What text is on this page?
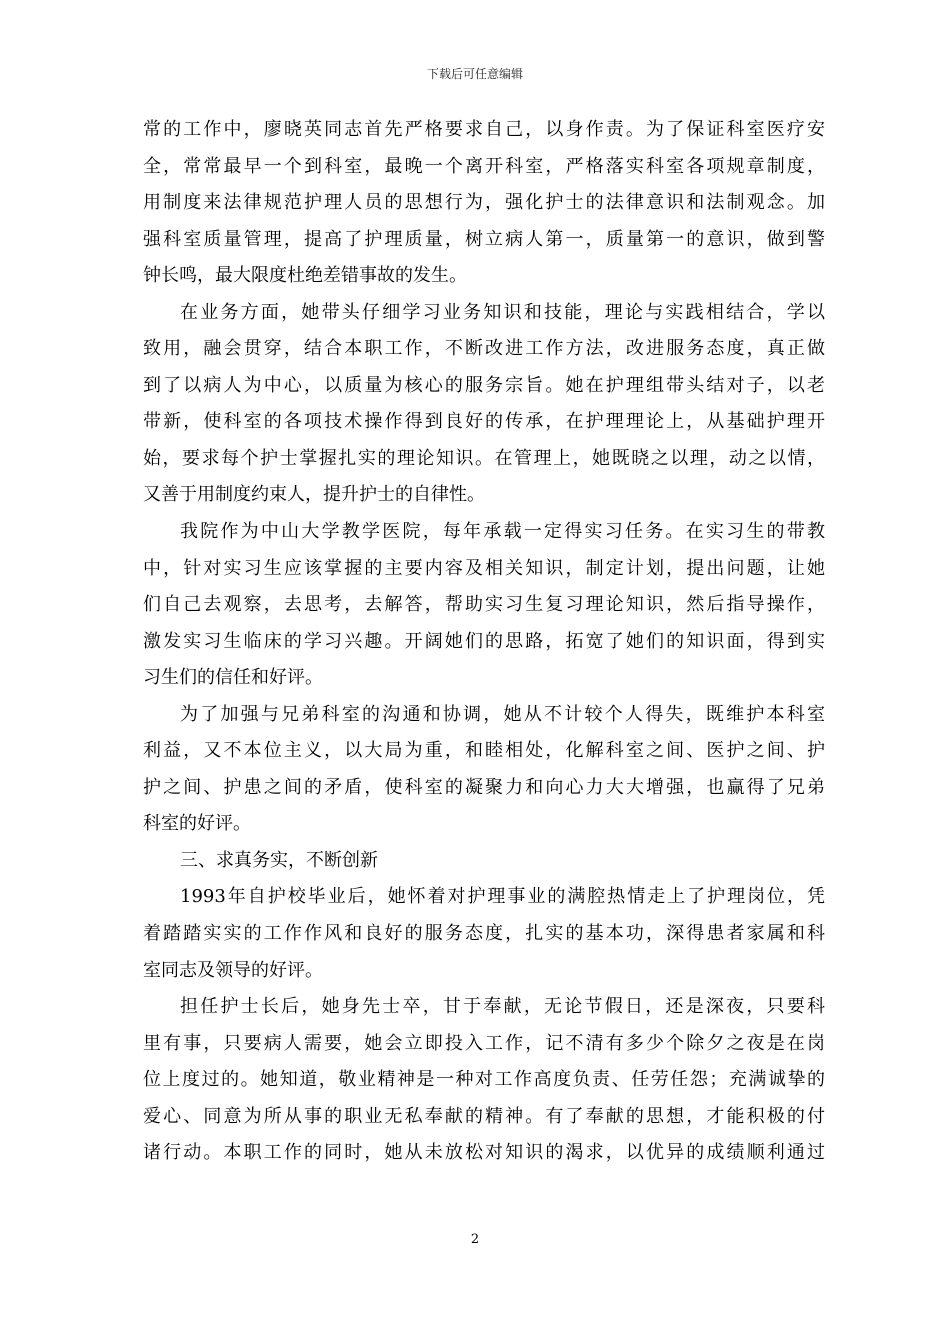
下载后可任意编辑
常的工作中，廖晓英同志首先严格要求自己，以身作责。为了保证科室医疗安
全，常常最早一个到科室，最晚一个离开科室，严格落实科室各项规章制度，
用制度来法律规范护理人员的思想行为，强化护士的法律意识和法制观念。加
强科室质量管理，提高了护理质量，树立病人第一，质量第一的意识，做到警
钟长鸣，最大限度杜绝差错事故的发生。
在业务方面，她带头仔细学习业务知识和技能，理论与实践相结合，学以
致用，融会贯穿，结合本职工作，不断改进工作方法，改进服务态度，真正做
到了以病人为中心，以质量为核心的服务宗旨。她在护理组带头结对子，以老
带新，使科室的各项技术操作得到良好的传承，在护理理论上，从基础护理开
始，要求每个护士掌握扎实的理论知识。在管理上，她既晓之以理，动之以情，
又善于用制度约束人，提升护士的自律性。
我院作为中山大学教学医院，每年承载一定得实习任务。在实习生的带教
中，针对实习生应该掌握的主要内容及相关知识，制定计划，提出问题，让她
们自己去观察，去思考，去解答，帮助实习生复习理论知识，然后指导操作，
激发实习生临床的学习兴趣。开阔她们的思路，拓宽了她们的知识面，得到实
习生们的信任和好评。
为了加强与兄弟科室的沟通和协调，她从不计较个人得失，既维护本科室
利益，又不本位主义，以大局为重，和睦相处，化解科室之间、医护之间、护
护之间、护患之间的矛盾，使科室的凝聚力和向心力大大增强，也赢得了兄弟
科室的好评。
三、求真务实，不断创新
1993年自护校毕业后，她怀着对护理事业的满腔热情走上了护理岗位，凭
着踏踏实实的工作作风和良好的服务态度，扎实的基本功，深得患者家属和科
室同志及领导的好评。
担任护士长后，她身先士卒，甘于奉献，无论节假日，还是深夜，只要科
里有事，只要病人需要，她会立即投入工作，记不清有多少个除夕之夜是在岗
位上度过的。她知道，敬业精神是一种对工作高度负责、任劳任怨；充满诚挚的
爱心、同意为所从事的职业无私奉献的精神。有了奉献的思想，才能积极的付
诸行动。本职工作的同时，她从未放松对知识的渴求，以优异的成绩顺利通过
2
